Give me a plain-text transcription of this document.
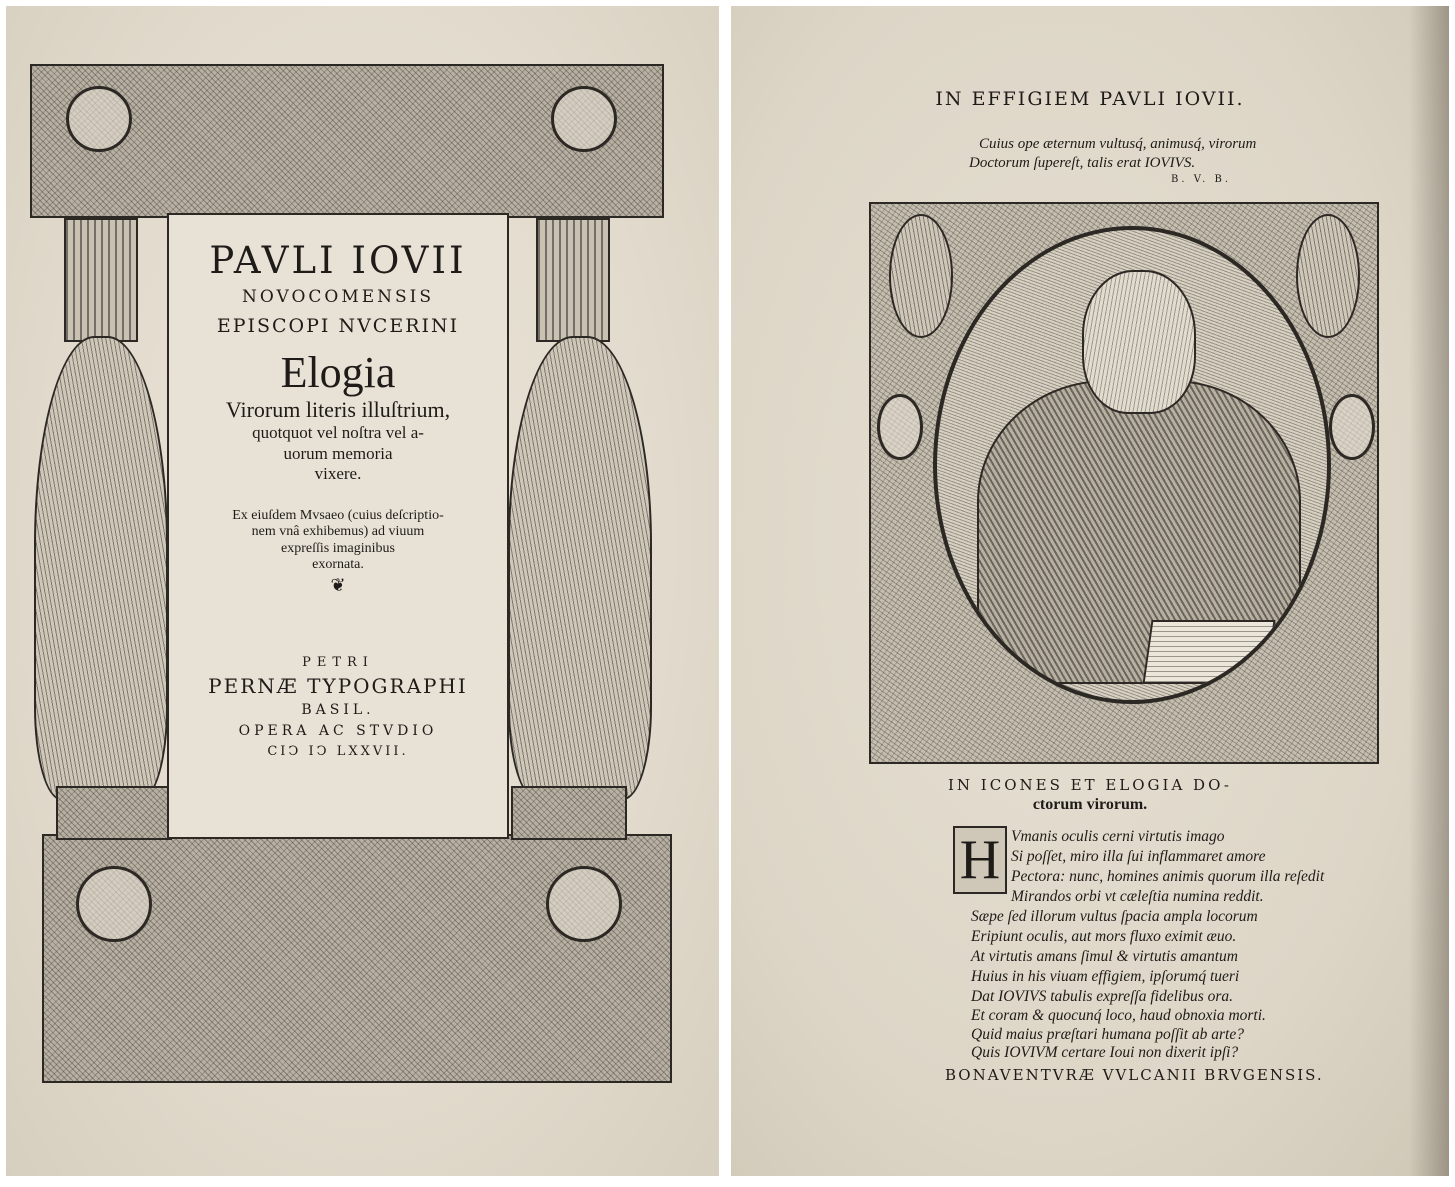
PAVLI IOVII

NOVOCOMENSIS

EPISCOPI NVCERINI

Elogia

Virorum literis illuſtrium,

quotquot vel noſtra vel a-

uorum memoria

vixere.

Ex eiuſdem Mvsaeo (cuius deſcriptio-

nem vnâ exhibemus) ad viuum

expreſſis imaginibus

exornata.

❦

PETRI

PERNÆ TYPOGRAPHI

BASIL.

OPERA AC STVDIO

CIϽ IϽ LXXVII.

IN EFFIGIEM PAVLI IOVII.

Cuius ope æternum vultusq́, animusq́, virorum

Doctorum ſupereſt, talis erat IOVIVS.

B. V. B.

IN ICONES ET ELOGIA DO-

ctorum virorum.

H Vmanis oculis cerni virtutis imago

Si poſſet, miro illa ſui inflammaret amore

Pectora: nunc, homines animis quorum illa reſedit

Mirandos orbi vt cæleſtia numina reddit.

Sæpe ſed illorum vultus ſpacia ampla locorum

Eripiunt oculis, aut mors fluxo eximit æuo.

At virtutis amans ſimul & virtutis amantum

Huius in his viuam effigiem, ipſorumq́ tueri

Dat IOVIVS tabulis expreſſa fidelibus ora.

Et coram & quocunq́ loco, haud obnoxia morti.

Quid maius præſtari humana poſſit ab arte?

Quis IOVIVM certare Ioui non dixerit ipſi?

BONAVENTVRÆ VVLCANII BRVGENSIS.
